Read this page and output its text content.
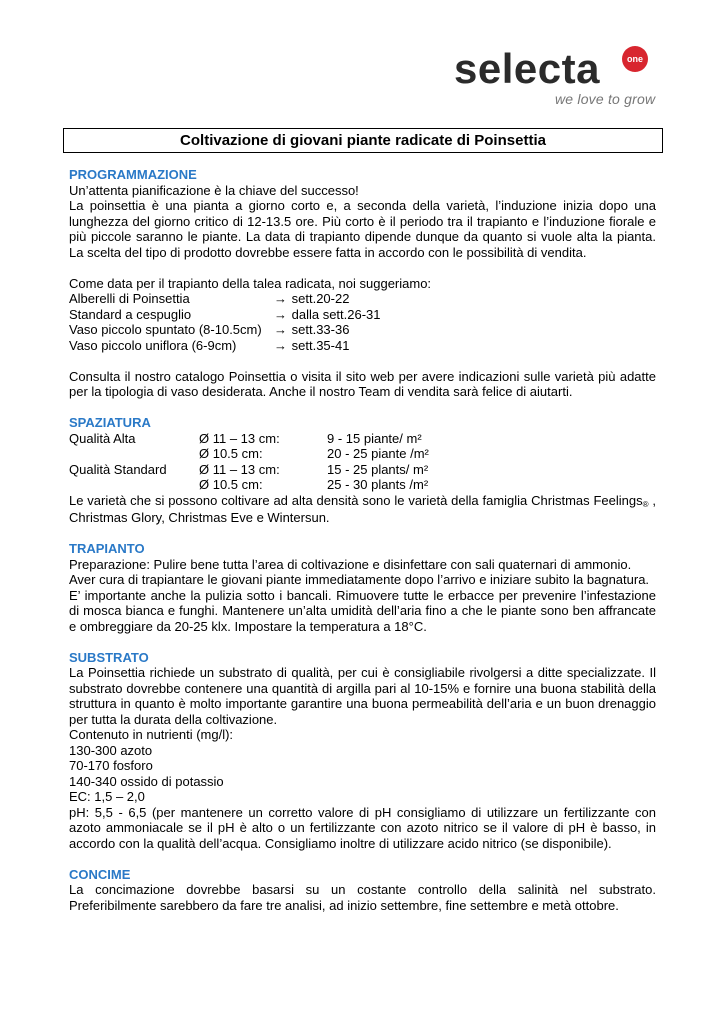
selecta	one
we love to grow
Coltivazione di giovani piante radicate di Poinsettia
PROGRAMMAZIONE

Un’attenta pianificazione è la chiave del successo!

La poinsettia è una pianta a giorno corto e, a seconda della varietà, l’induzione inizia dopo una lunghezza del giorno critico di 12-13.5 ore. Più corto è il periodo tra il trapianto e l’induzione fiorale e più piccole saranno le piante. La data di trapianto dipende dunque da quanto si vuole alta la pianta. La scelta del tipo di prodotto dovrebbe essere fatta in accordo con le possibilità di vendita.

Come data per il trapianto della talea radicata, noi suggeriamo:

Alberelli di Poinsettia	→ sett.20-22
Standard a cespuglio	→ dalla sett.26-31
Vaso piccolo spuntato (8-10.5cm) → sett.33-36
Vaso piccolo uniflora (6-9cm)	→ sett.35-41

Consulta il nostro catalogo Poinsettia o visita il sito web per avere indicazioni sulle varietà più adatte per la tipologia di vaso desiderata. Anche il nostro Team di vendita sarà felice di aiutarti.

SPAZIATURA
Qualità Alta	Ø 11 – 13 cm:	9 - 15 piante/ m²
Ø 10.5 cm:	20 - 25 piante /m²
Qualità Standard	Ø 11 – 13 cm:	15 - 25 plants/ m²
Ø 10.5 cm:	25 - 30 plants /m²

Le varietà che si possono coltivare ad alta densità sono le varietà della famiglia Christmas Feelings® , Christmas Glory, Christmas Eve e Wintersun.

TRAPIANTO

Preparazione: Pulire bene tutta l’area di coltivazione e disinfettare con sali quaternari di ammonio.

Aver cura di trapiantare le giovani piante immediatamente dopo l’arrivo e iniziare subito la bagnatura.

E’ importante anche la pulizia sotto i bancali. Rimuovere tutte le erbacce per prevenire l’infestazione di mosca bianca e funghi. Mantenere un’alta umidità dell’aria fino a che le piante sono ben affrancate e ombreggiare da 20-25 klx. Impostare la temperatura a 18°C.

SUBSTRATO

La Poinsettia richiede un substrato di qualità, per cui è consigliabile rivolgersi a ditte specializzate. Il substrato dovrebbe contenere una quantità di argilla pari al 10-15% e fornire una buona stabilità della struttura in quanto è molto importante garantire una buona permeabilità dell’aria e un buon drenaggio per tutta la durata della coltivazione.

Contenuto in nutrienti (mg/l):

130-300 azoto

70-170 fosforo

140-340 ossido di potassio

EC: 1,5 – 2,0

pH: 5,5 - 6,5 (per mantenere un corretto valore di pH consigliamo di utilizzare un fertilizzante con azoto ammoniacale se il pH è alto o un fertilizzante con azoto nitrico se il valore di pH è basso, in accordo con la qualità dell’acqua. Consigliamo inoltre di utilizzare acido nitrico (se disponibile).

CONCIME

La concimazione dovrebbe basarsi su un costante controllo della salinità nel substrato. Preferibilmente sarebbero da fare tre analisi, ad inizio settembre, fine settembre e metà ottobre.
